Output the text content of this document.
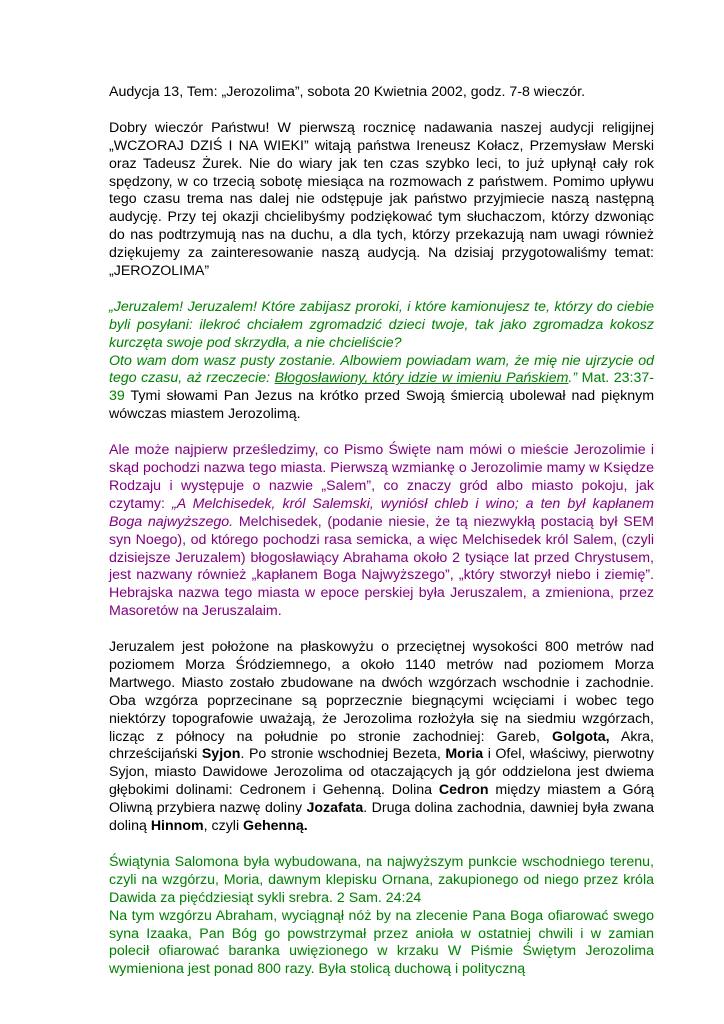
Audycja 13, Tem: „Jerozolima”, sobota 20 Kwietnia 2002, godz. 7-8 wieczór.

Dobry wieczór Państwu! W pierwszą rocznicę nadawania naszej audycji religijnej „WCZORAJ DZIŚ I NA WIEKI” witają państwa Ireneusz Kołacz, Przemysław Merski oraz Tadeusz Żurek. Nie do wiary jak ten czas szybko leci, to już upłynął cały rok spędzony, w co trzecią sobotę miesiąca na rozmowach z państwem. Pomimo upływu tego czasu trema nas dalej nie odstępuje jak państwo przyjmiecie naszą następną audycję. Przy tej okazji chcielibyśmy podziękować tym słuchaczom, którzy dzwoniąc do nas podtrzymują nas na duchu, a dla tych, którzy przekazują nam uwagi również dziękujemy za zainteresowanie naszą audycją. Na dzisiaj przygotowaliśmy temat: „JEROZOLIMA”

„Jeruzalem! Jeruzalem! Które zabijasz proroki, i które kamionujesz te, którzy do ciebie byli posyłani: ilekroć chciałem zgromadzić dzieci twoje, tak jako zgromadza kokosz kurczęta swoje pod skrzydła, a nie chcieliście?
Oto wam dom wasz pusty zostanie. Albowiem powiadam wam, że mię nie ujrzycie od tego czasu, aż rzeczecie: Błogosławiony, który idzie w imieniu Pańskiem.” Mat. 23:37-39 Tymi słowami Pan Jezus na krótko przed Swoją śmiercią ubolewał nad pięknym wówczas miastem Jerozolimą.

Ale może najpierw prześledzimy, co Pismo Święte nam mówi o mieście Jerozolimie i skąd pochodzi nazwa tego miasta. Pierwszą wzmiankę o Jerozolimie mamy w Księdze Rodzaju i występuje o nazwie „Salem”, co znaczy gród albo miasto pokoju, jak czytamy: „A Melchisedek, król Salemski, wyniósł chleb i wino; a ten był kapłanem Boga najwyższego. Melchisedek, (podanie niesie, że tą niezwykłą postacią był SEM syn Noego), od którego pochodzi rasa semicka, a więc Melchisedek król Salem, (czyli dzisiejsze Jeruzalem) błogosławiący Abrahama około 2 tysiące lat przed Chrystusem, jest nazwany również „kapłanem Boga Najwyższego”, „który stworzył niebo i ziemię”. Hebrajska nazwa tego miasta w epoce perskiej była Jeruszalem, a zmieniona, przez Masoretów na Jeruszalaim.

Jeruzalem jest położone na płaskowyżu o przeciętnej wysokości 800 metrów nad poziomem Morza Śródziemnego, a około 1140 metrów nad poziomem Morza Martwego. Miasto zostało zbudowane na dwóch wzgórzach wschodnie i zachodnie. Oba wzgórza poprzecinane są poprzecznie biegnącymi wcięciami i wobec tego niektórzy topografowie uważają, że Jerozolima rozłożyła się na siedmiu wzgórzach, licząc z północy na południe po stronie zachodniej: Gareb, Golgota, Akra, chrześcijański Syjon. Po stronie wschodniej Bezeta, Moria i Ofel, właściwy, pierwotny Syjon, miasto Dawidowe Jerozolima od otaczających ją gór oddzielona jest dwiema głębokimi dolinami: Cedronem i Gehenną. Dolina Cedron między miastem a Górą Oliwną przybiera nazwę doliny Jozafata. Druga dolina zachodnia, dawniej była zwana doliną Hinnom, czyli Gehenną.

Świątynia Salomona była wybudowana, na najwyższym punkcie wschodniego terenu, czyli na wzgórzu, Moria, dawnym klepisku Ornana, zakupionego od niego przez króla Dawida za pięćdziesiąt sykli srebra. 2 Sam. 24:24

Na tym wzgórzu Abraham, wyciągnął nóż by na zlecenie Pana Boga ofiarować swego syna Izaaka, Pan Bóg go powstrzymał przez anioła w ostatniej chwili i w zamian polecił ofiarować baranka uwięzionego w krzaku W Piśmie Świętym Jerozolima wymieniona jest ponad 800 razy. Była stolicą duchową i polityczną
